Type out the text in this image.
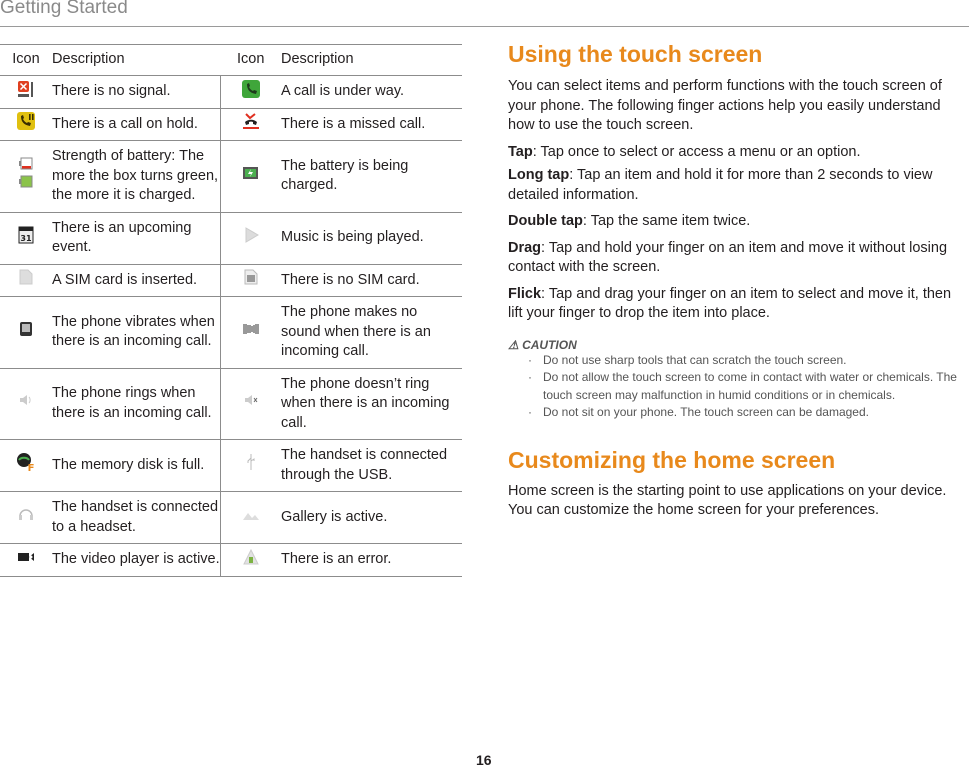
Getting Started
Icon	Description	Icon	Description
	There is no signal.		A call is under way.
	There is a call on hold.		There is a missed call.
	Strength of battery: The more the box turns green, the more it is charged.		The battery is being charged.

31	There is an upcoming event.		Music is being played.
	A SIM card is inserted.		There is no SIM card.
	The phone vibrates when there is an incoming call.		The phone makes no sound when there is an incoming call.
	The phone rings when there is an incoming call.		The phone doesn’t ring when there is an incoming call.

F	The memory disk is full.		The handset is connected through the USB.
	The handset is connected to a headset.		Gallery is active.
	The video player is active.		There is an error.
Using the touch screen

You can select items and perform functions with the touch screen of your phone. The following finger actions help you easily understand how to use the touch screen.

Tap: Tap once to select or access a menu or an option.

Long tap: Tap an item and hold it for more than 2 seconds to view detailed information.

Double tap: Tap the same item twice.

Drag: Tap and hold your finger on an item and move it without losing contact with the screen.

Flick: Tap and drag your finger on an item to select and move it, then lift your finger to drop the item into place.

⚠ CAUTION

· Do not use sharp tools that can scratch the touch screen.
· Do not allow the touch screen to come in contact with water or chemicals. The touch screen may malfunction in humid conditions or in chemicals.
· Do not sit on your phone. The touch screen can be damaged.
Customizing the home screen

Home screen is the starting point to use applications on your device. You can customize the home screen for your preferences.

16
